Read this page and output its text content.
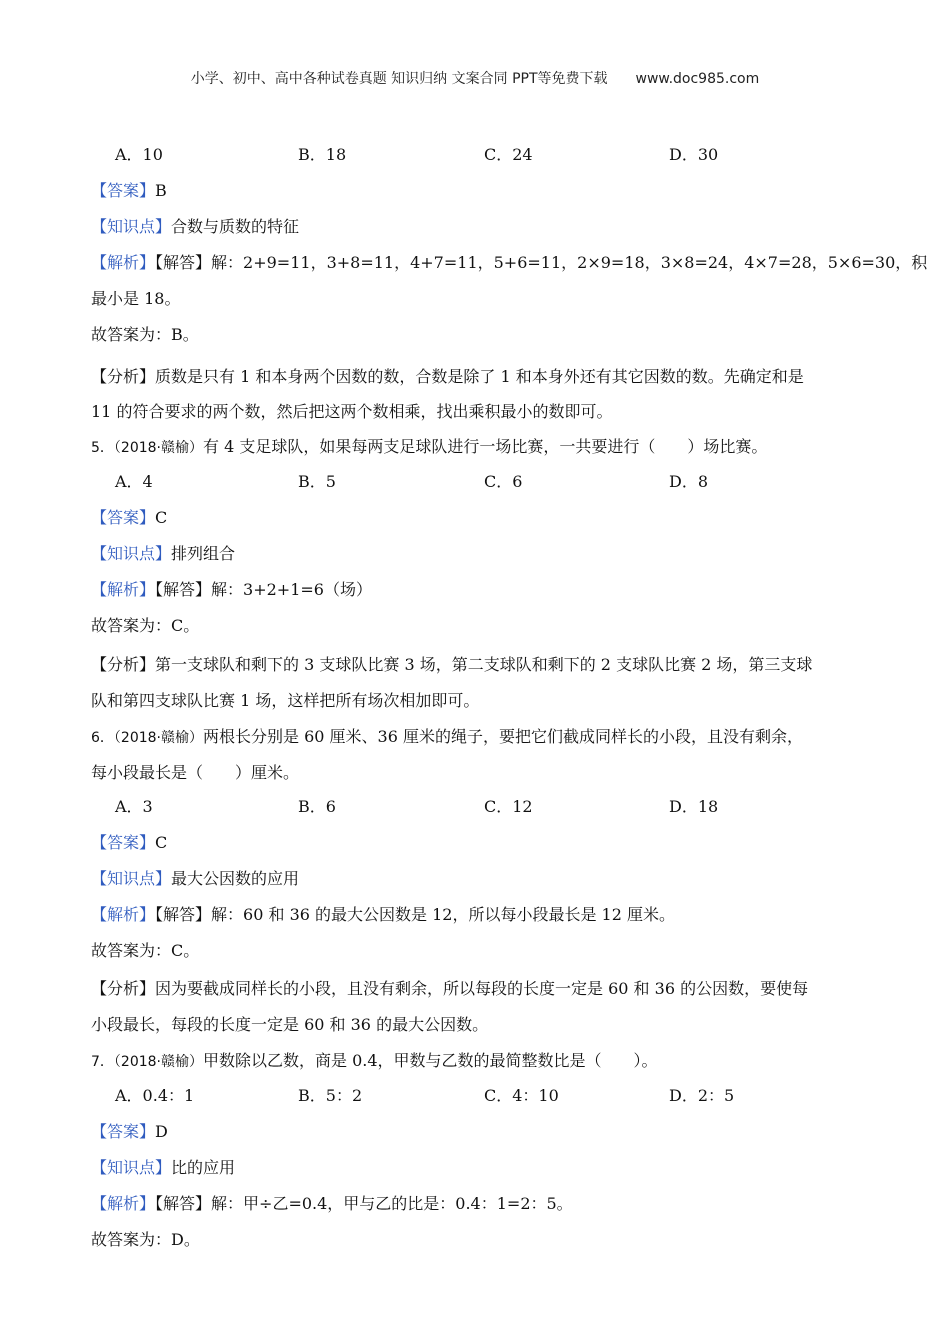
小学、初中、高中各种试卷真题 知识归纳 文案合同 PPT等免费下载 www.doc985.com
A．10	B．18	C．24	D．30
【答案】B
【知识点】合数与质数的特征
【解析】【解答】解：2+9=11，3+8=11，4+7=11，5+6=11，2×9=18，3×8=24，4×7=28，5×6=30，积
最小是 18。
故答案为：B。
【分析】质数是只有 1 和本身两个因数的数，合数是除了 1 和本身外还有其它因数的数。先确定和是
11 的符合要求的两个数，然后把这两个数相乘，找出乘积最小的数即可。
5．（2018·赣榆）有 4 支足球队，如果每两支足球队进行一场比赛，一共要进行（　　）场比赛。
A．4	B．5	C．6	D．8
【答案】C
【知识点】排列组合
【解析】【解答】解：3+2+1=6（场）
故答案为：C。
【分析】第一支球队和剩下的 3 支球队比赛 3 场，第二支球队和剩下的 2 支球队比赛 2 场，第三支球
队和第四支球队比赛 1 场，这样把所有场次相加即可。
6．（2018·赣榆）两根长分别是 60 厘米、36 厘米的绳子，要把它们截成同样长的小段，且没有剩余，
每小段最长是（　　）厘米。
A．3	B．6	C．12	D．18
【答案】C
【知识点】最大公因数的应用
【解析】【解答】解：60 和 36 的最大公因数是 12，所以每小段最长是 12 厘米。
故答案为：C。
【分析】因为要截成同样长的小段，且没有剩余，所以每段的长度一定是 60 和 36 的公因数，要使每
小段最长，每段的长度一定是 60 和 36 的最大公因数。
7．（2018·赣榆）甲数除以乙数，商是 0.4，甲数与乙数的最简整数比是（　　）。
A．0.4：1	B．5：2	C．4：10	D．2：5
【答案】D
【知识点】比的应用
【解析】【解答】解：甲÷乙=0.4，甲与乙的比是：0.4：1=2：5。
故答案为：D。
